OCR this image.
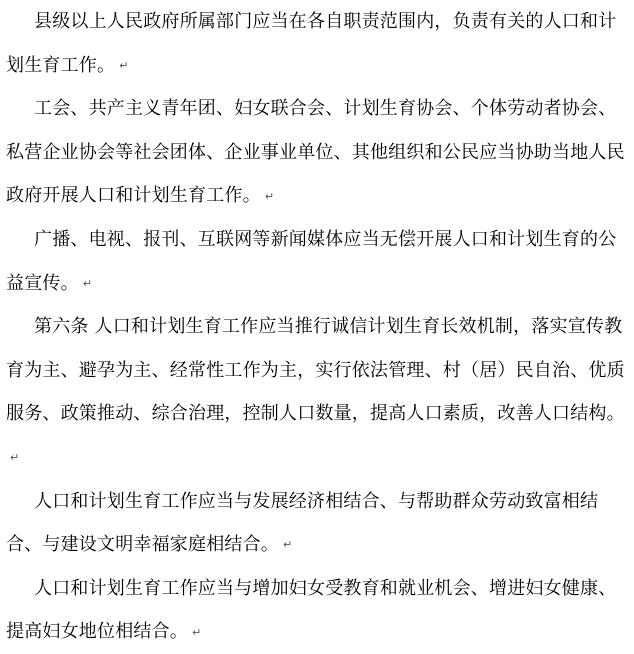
县级以上人民政府所属部门应当在各自职责范围内，负责有关的人口和计划生育工作。 ↵

工会、共产主义青年团、妇女联合会、计划生育协会、个体劳动者协会、私营企业协会等社会团体、企业事业单位、其他组织和公民应当协助当地人民政府开展人口和计划生育工作。 ↵

广播、电视、报刊、互联网等新闻媒体应当无偿开展人口和计划生育的公益宣传。 ↵

第六条 人口和计划生育工作应当推行诚信计划生育长效机制，落实宣传教育为主、避孕为主、经常性工作为主，实行依法管理、村（居）民自治、优质服务、政策推动、综合治理，控制人口数量，提高人口素质，改善人口结构。↵

人口和计划生育工作应当与发展经济相结合、与帮助群众劳动致富相结合、与建设文明幸福家庭相结合。 ↵

人口和计划生育工作应当与增加妇女受教育和就业机会、增进妇女健康、提高妇女地位相结合。 ↵
